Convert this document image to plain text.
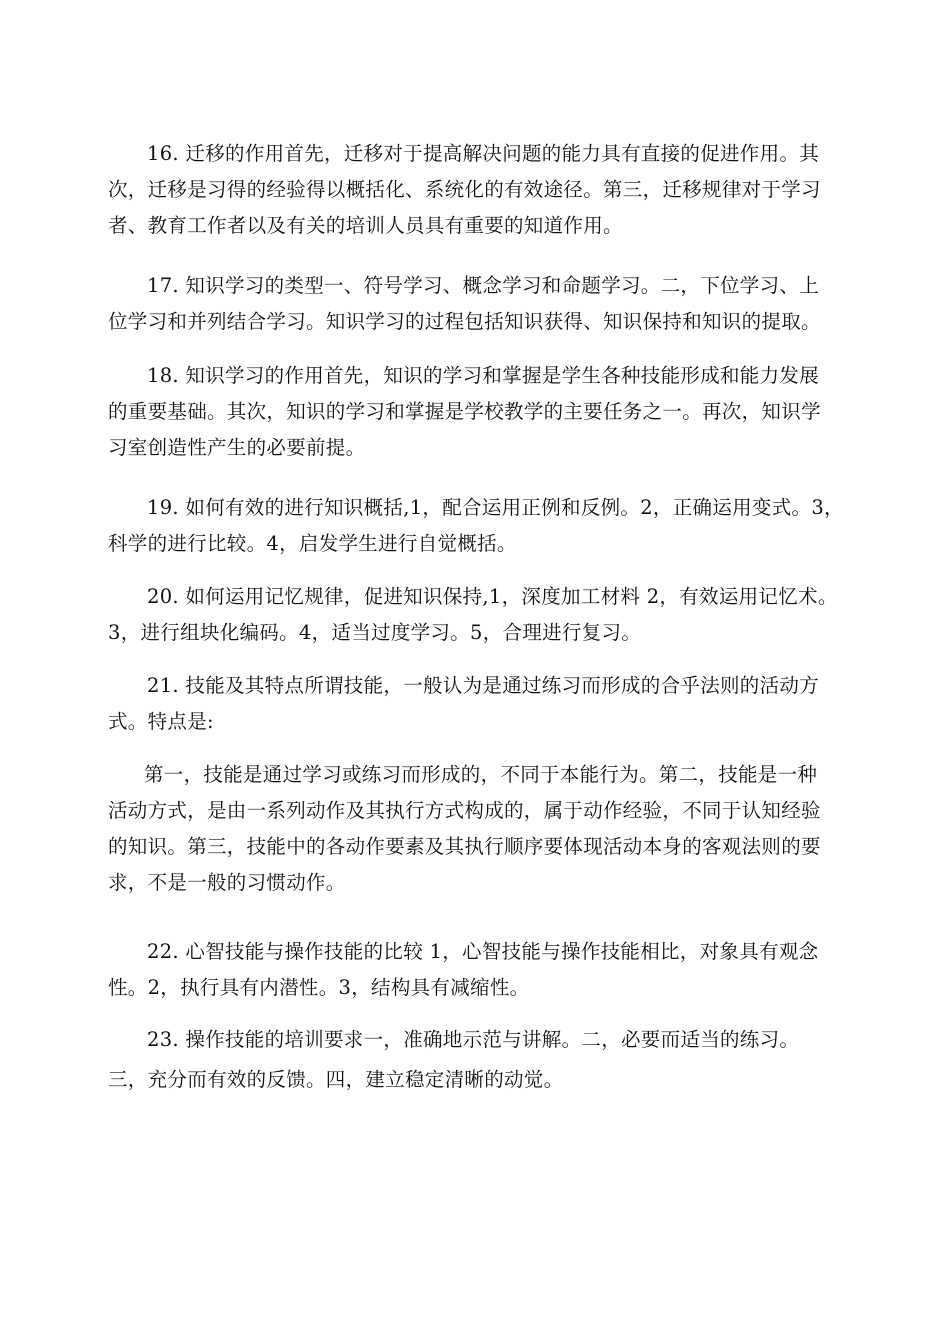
16. 迁移的作用首先，迁移对于提高解决问题的能力具有直接的促进作用。其
次，迁移是习得的经验得以概括化、系统化的有效途径。第三，迁移规律对于学习
者、教育工作者以及有关的培训人员具有重要的知道作用。
17. 知识学习的类型一、符号学习、概念学习和命题学习。二，下位学习、上
位学习和并列结合学习。知识学习的过程包括知识获得、知识保持和知识的提取。
18. 知识学习的作用首先，知识的学习和掌握是学生各种技能形成和能力发展
的重要基础。其次，知识的学习和掌握是学校教学的主要任务之一。再次，知识学
习室创造性产生的必要前提。
19. 如何有效的进行知识概括,1，配合运用正例和反例。2，正确运用变式。3，
科学的进行比较。4，启发学生进行自觉概括。
20. 如何运用记忆规律，促进知识保持,1，深度加工材料 2，有效运用记忆术。
3，进行组块化编码。4，适当过度学习。5，合理进行复习。
21. 技能及其特点所谓技能，一般认为是通过练习而形成的合乎法则的活动方
式。特点是:
第一，技能是通过学习或练习而形成的，不同于本能行为。第二，技能是一种
活动方式，是由一系列动作及其执行方式构成的，属于动作经验，不同于认知经验
的知识。第三，技能中的各动作要素及其执行顺序要体现活动本身的客观法则的要
求，不是一般的习惯动作。
22. 心智技能与操作技能的比较 1，心智技能与操作技能相比，对象具有观念
性。2，执行具有内潜性。3，结构具有减缩性。
23. 操作技能的培训要求一，准确地示范与讲解。二，必要而适当的练习。
三，充分而有效的反馈。四，建立稳定清晰的动觉。
